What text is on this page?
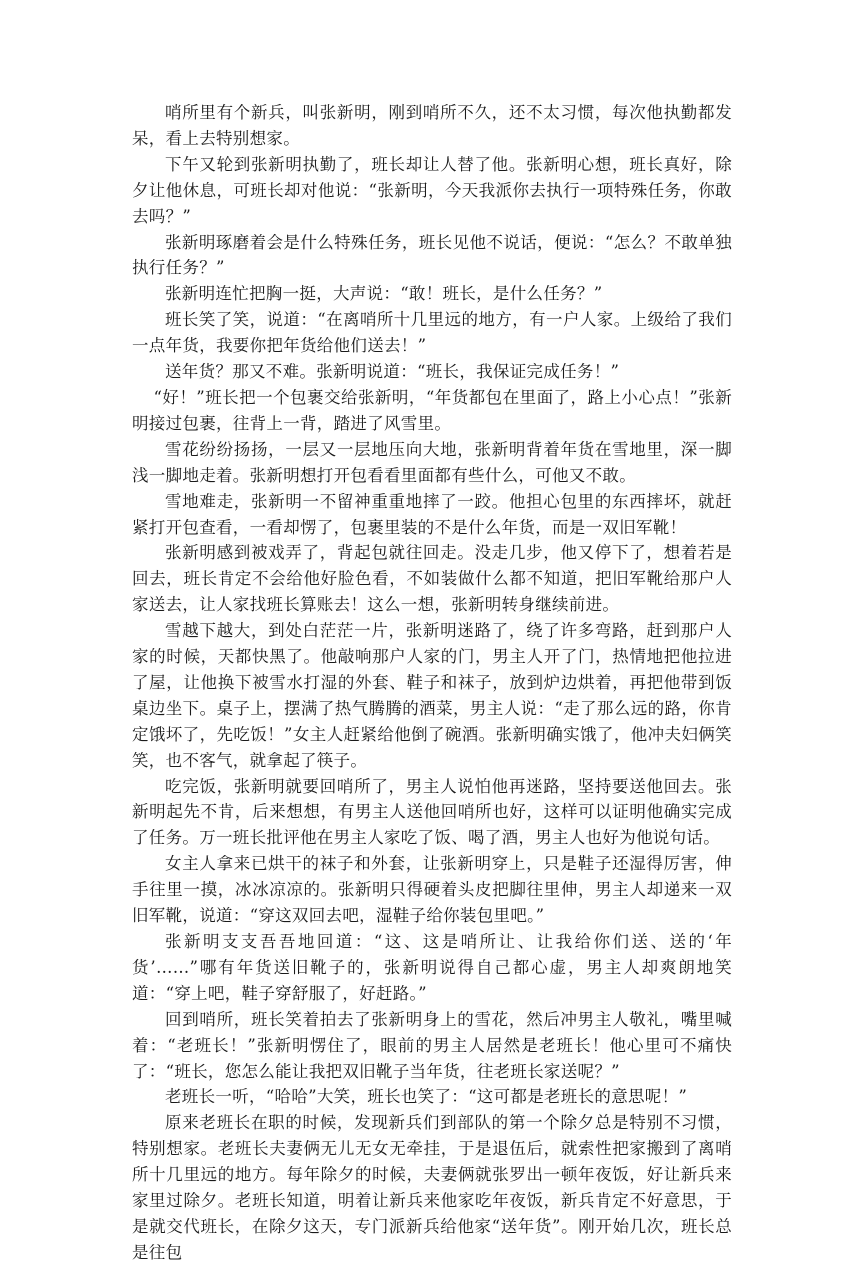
哨所里有个新兵，叫张新明，刚到哨所不久，还不太习惯，每次他执勤都发呆，看上去特别想家。

下午又轮到张新明执勤了，班长却让人替了他。张新明心想，班长真好，除夕让他休息，可班长却对他说：“张新明，今天我派你去执行一项特殊任务，你敢去吗？”

张新明琢磨着会是什么特殊任务，班长见他不说话，便说：“怎么？不敢单独执行任务？”

张新明连忙把胸一挺，大声说：“敢！班长，是什么任务？”

班长笑了笑，说道：“在离哨所十几里远的地方，有一户人家。上级给了我们一点年货，我要你把年货给他们送去！”

送年货？那又不难。张新明说道：“班长，我保证完成任务！”

“好！”班长把一个包裹交给张新明，“年货都包在里面了，路上小心点！”张新明接过包裹，往背上一背，踏进了风雪里。

雪花纷纷扬扬，一层又一层地压向大地，张新明背着年货在雪地里，深一脚浅一脚地走着。张新明想打开包看看里面都有些什么，可他又不敢。

雪地难走，张新明一不留神重重地摔了一跤。他担心包里的东西摔坏，就赶紧打开包查看，一看却愣了，包裹里装的不是什么年货，而是一双旧军靴！

张新明感到被戏弄了，背起包就往回走。没走几步，他又停下了，想着若是回去，班长肯定不会给他好脸色看，不如装做什么都不知道，把旧军靴给那户人家送去，让人家找班长算账去！这么一想，张新明转身继续前进。

雪越下越大，到处白茫茫一片，张新明迷路了，绕了许多弯路，赶到那户人家的时候，天都快黑了。他敲响那户人家的门，男主人开了门，热情地把他拉进了屋，让他换下被雪水打湿的外套、鞋子和袜子，放到炉边烘着，再把他带到饭桌边坐下。桌子上，摆满了热气腾腾的酒菜，男主人说：“走了那么远的路，你肯定饿坏了，先吃饭！”女主人赶紧给他倒了碗酒。张新明确实饿了，他冲夫妇俩笑笑，也不客气，就拿起了筷子。

吃完饭，张新明就要回哨所了，男主人说怕他再迷路，坚持要送他回去。张新明起先不肯，后来想想，有男主人送他回哨所也好，这样可以证明他确实完成了任务。万一班长批评他在男主人家吃了饭、喝了酒，男主人也好为他说句话。

女主人拿来已烘干的袜子和外套，让张新明穿上，只是鞋子还湿得厉害，伸手往里一摸，冰冰凉凉的。张新明只得硬着头皮把脚往里伸，男主人却递来一双旧军靴，说道：“穿这双回去吧，湿鞋子给你装包里吧。”

张新明支支吾吾地回道：“这、这是哨所让、让我给你们送、送的‘年货’……”哪有年货送旧靴子的，张新明说得自己都心虚，男主人却爽朗地笑道：“穿上吧，鞋子穿舒服了，好赶路。”

回到哨所，班长笑着拍去了张新明身上的雪花，然后冲男主人敬礼，嘴里喊着：“老班长！”张新明愣住了，眼前的男主人居然是老班长！他心里可不痛快了：“班长，您怎么能让我把双旧靴子当年货，往老班长家送呢？”

老班长一听，“哈哈”大笑，班长也笑了：“这可都是老班长的意思呢！”

原来老班长在职的时候，发现新兵们到部队的第一个除夕总是特别不习惯，特别想家。老班长夫妻俩无儿无女无牵挂，于是退伍后，就索性把家搬到了离哨所十几里远的地方。每年除夕的时候，夫妻俩就张罗出一顿年夜饭，好让新兵来家里过除夕。老班长知道，明着让新兵来他家吃年夜饭，新兵肯定不好意思，于是就交代班长，在除夕这天，专门派新兵给他家“送年货”。刚开始几次，班长总是往包
